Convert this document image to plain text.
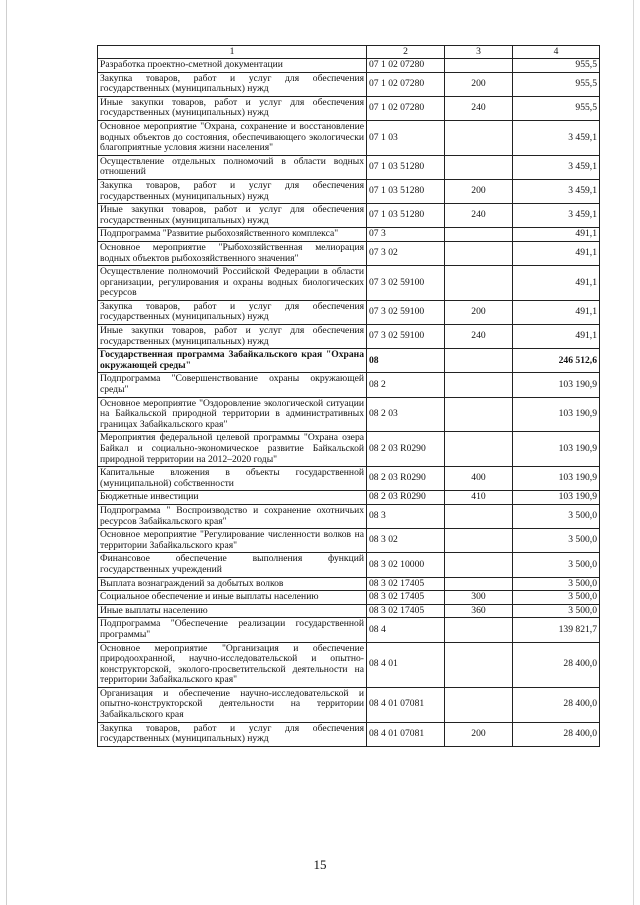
1	2	3	4
Разработка проектно-сметной документации	07 1 02 07280		955,5
Закупка товаров, работ и услуг для обеспечения государственных (муниципальных) нужд	07 1 02 07280	200	955,5
Иные закупки товаров, работ и услуг для обеспечения государственных (муниципальных) нужд	07 1 02 07280	240	955,5
Основное мероприятие "Охрана, сохранение и восстановление водных объектов до состояния, обеспечивающего экологически благоприятные условия жизни населения"	07 1 03		3 459,1
Осуществление отдельных полномочий в области водных отношений	07 1 03 51280		3 459,1
Закупка товаров, работ и услуг для обеспечения государственных (муниципальных) нужд	07 1 03 51280	200	3 459,1
Иные закупки товаров, работ и услуг для обеспечения государственных (муниципальных) нужд	07 1 03 51280	240	3 459,1
Подпрограмма "Развитие рыбохозяйственного комплекса"	07 3		491,1
Основное мероприятие "Рыбохозяйственная мелиорация водных объектов рыбохозяйственного значения"	07 3 02		491,1
Осуществление полномочий Российской Федерации в области организации, регулирования и охраны водных биологических ресурсов	07 3 02 59100		491,1
Закупка товаров, работ и услуг для обеспечения государственных (муниципальных) нужд	07 3 02 59100	200	491,1
Иные закупки товаров, работ и услуг для обеспечения государственных (муниципальных) нужд	07 3 02 59100	240	491,1
Государственная программа Забайкальского края "Охрана окружающей среды"	08		246 512,6
Подпрограмма "Совершенствование охраны окружающей среды"	08 2		103 190,9
Основное мероприятие "Оздоровление экологической ситуации на Байкальской природной территории в административных границах Забайкальского края"	08 2 03		103 190,9
Мероприятия федеральной целевой программы "Охрана озера Байкал и социально-экономическое развитие Байкальской природной территории на 2012–2020 годы"	08 2 03 R0290		103 190,9
Капитальные вложения в объекты государственной (муниципальной) собственности	08 2 03 R0290	400	103 190,9
Бюджетные инвестиции	08 2 03 R0290	410	103 190,9
Подпрограмма " Воспроизводство и сохранение охотничьих ресурсов Забайкальского края"	08 3		3 500,0
Основное мероприятие "Регулирование численности волков на территории Забайкальского края"	08 3 02		3 500,0
Финансовое обеспечение выполнения функций государственных учреждений	08 3 02 10000		3 500,0
Выплата вознаграждений за добытых волков	08 3 02 17405		3 500,0
Социальное обеспечение и иные выплаты населению	08 3 02 17405	300	3 500,0
Иные выплаты населению	08 3 02 17405	360	3 500,0
Подпрограмма "Обеспечение реализации государственной программы"	08 4		139 821,7
Основное мероприятие "Организация и обеспечение природоохранной, научно-исследовательской и опытно-конструкторской, эколого-просветительской деятельности на территории Забайкальского края"	08 4 01		28 400,0
Организация и обеспечение научно-исследовательской и опытно-конструкторской деятельности на территории Забайкальского края	08 4 01 07081		28 400,0
Закупка товаров, работ и услуг для обеспечения государственных (муниципальных) нужд	08 4 01 07081	200	28 400,0
15
